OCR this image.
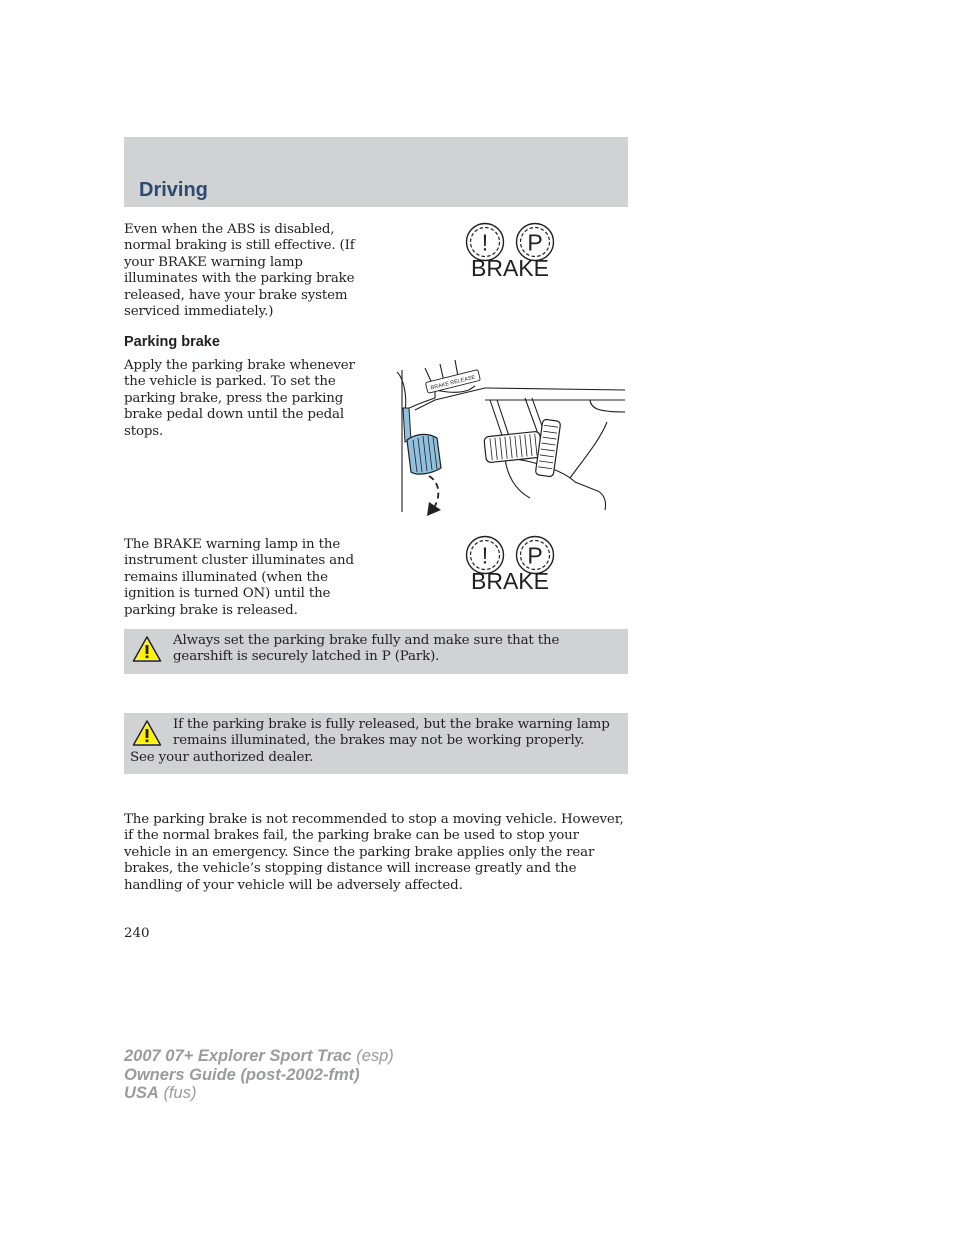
Driving

Even when the ABS is disabled, normal braking is still effective. (If your BRAKE warning lamp illuminates with the parking brake released, have your brake system serviced immediately.)

! P
BRAKE
Parking brake

Apply the parking brake whenever the vehicle is parked. To set the parking brake, press the parking brake pedal down until the pedal stops.

BRAKE RELEASE

The BRAKE warning lamp in the instrument cluster illuminates and remains illuminated (when the ignition is turned ON) until the parking brake is released.

! P
BRAKE

Always set the parking brake fully and make sure that the
gearshift is securely latched in P (Park).

If the parking brake is fully released, but the brake warning lamp
remains illuminated, the brakes may not be working properly.

See your authorized dealer.

The parking brake is not recommended to stop a moving vehicle. However, if the normal brakes fail, the parking brake can be used to stop your vehicle in an emergency. Since the parking brake applies only the rear brakes, the vehicle’s stopping distance will increase greatly and the handling of your vehicle will be adversely affected.

240

2007 07+ Explorer Sport Trac (esp)
Owners Guide (post-2002-fmt)
USA (fus)
